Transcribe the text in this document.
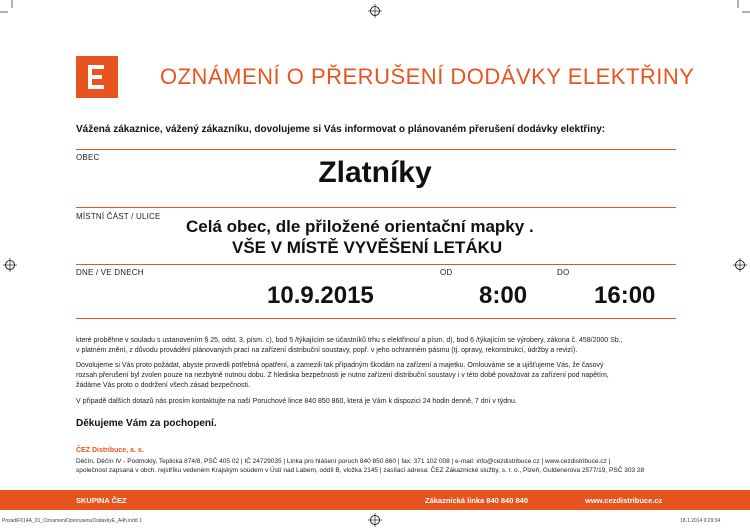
OZNÁMENÍ O PŘERUŠENÍ DODÁVKY ELEKTŘINY
Vážená zákaznice, vážený zákazníku, dovolujeme si Vás informovat o plánovaném přerušení dodávky elektřiny:
OBEC	Zlatníky
MÍSTNÍ ČÁST / ULICE
Celá obec, dle přiložené orientační mapky .
VŠE V MÍSTĚ VYVĚŠENÍ LETÁKU
DNE / VE DNECH	OD	DO
10.9.2015	8:00	16:00
které proběhne v souladu s ustanovením § 25, odst. 3, písm. c), bod 5 /týkajícím se účastníků trhu s elektřinou/ a písm. d), bod 6 /týkajícím se výrobery, zákona č. 458/2000 Sb.,
v platném znění, z důvodu provádění plánovaných prací na zařízení distribuční soustavy, popř. v jeho ochranném pásmu (tj. opravy, rekonstrukcí, údržby a revizí).
Dovolujeme si Vás proto požádat, abyste provedli potřebná opatření, a zamezili tak případným škodám na zařízení a majetku. Omlouváme se a ujišťujeme Vás, že časový
rozsah přerušení byl zvolen pouze na nezbytně nutnou dobu. Z hlediska bezpečnosti je nutno zařízení distribuční soustavy i v této době považovat za zařízení pod napětím,
žádáme Vás proto o dodržení všech zásad bezpečnosti.
V případě dalších dotazů nás prosím kontaktujte na naší Poruchové lince 840 850 860, která je Vám k dispozici 24 hodin denně, 7 dní v týdnu.
Děkujeme Vám za pochopení.
ČEZ Distribuce, a. s.
Děčín, Děčín IV - Podmokly, Teplická 874/8, PSČ 405 02 | IČ 24729035 | Linka pro hlášení poruch 840 850 860 | fax: 371 102 008 | e-mail: info@cezdistribuce.cz | www.cezdistribuce.cz |
společnost zapsaná v obch. rejstříku vedeném Krajským soudem v Ústí nad Labem, oddíl B, vložka 2145 | zasílací adresa: ČEZ Zákaznické služby, s. r. o., Plzeň, Guldenerova 2577/19, PSČ 303 28
SKUPINA ČEZ	Zákaznická linka 840 840 840	www.cezdistribuce.cz
PozadiF014A_01_OznameniOprerusenuDodavkyE_A4h.indd 1	18.1.2014 9:29:34
